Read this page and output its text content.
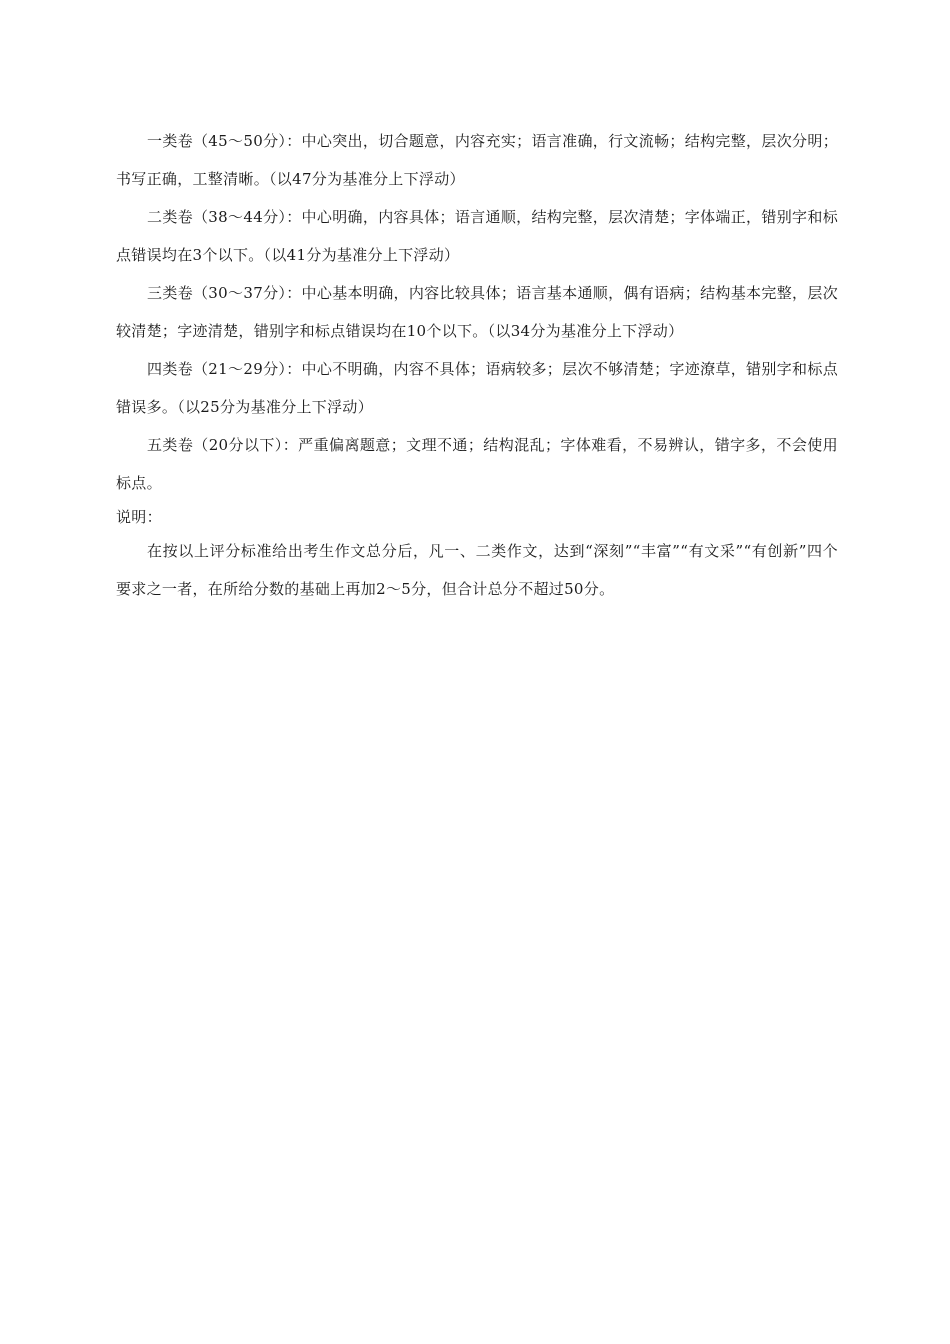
一类卷（45～50分）：中心突出，切合题意，内容充实；语言准确，行文流畅；结构完整，层次分明；书写正确，工整清晰。（以47分为基准分上下浮动）

二类卷（38～44分）：中心明确，内容具体；语言通顺，结构完整，层次清楚；字体端正，错别字和标点错误均在3个以下。（以41分为基准分上下浮动）

三类卷（30～37分）：中心基本明确，内容比较具体；语言基本通顺，偶有语病；结构基本完整，层次较清楚；字迹清楚，错别字和标点错误均在10个以下。（以34分为基准分上下浮动）

四类卷（21～29分）：中心不明确，内容不具体；语病较多；层次不够清楚；字迹潦草，错别字和标点错误多。（以25分为基准分上下浮动）

五类卷（20分以下）：严重偏离题意；文理不通；结构混乱；字体难看，不易辨认，错字多，不会使用标点。

说明：

在按以上评分标准给出考生作文总分后，凡一、二类作文，达到“深刻”“丰富”“有文采”“有创新”四个要求之一者，在所给分数的基础上再加2～5分，但合计总分不超过50分。
